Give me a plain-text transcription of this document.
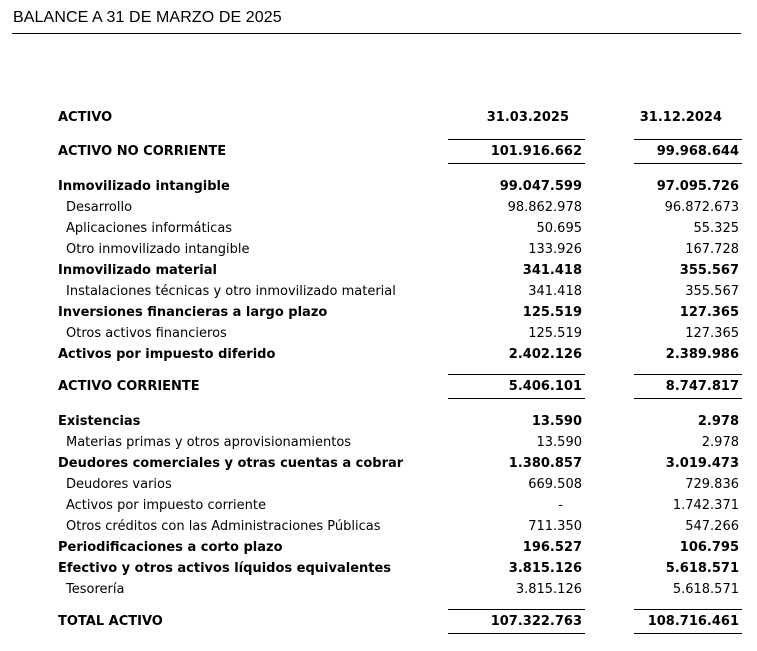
BALANCE A 31 DE MARZO DE 2025
ACTIVO	31.03.2025		31.12.2024

ACTIVO NO CORRIENTE	101.916.662		99.968.644

Inmovilizado intangible	99.047.599		97.095.726
Desarrollo	98.862.978		96.872.673
Aplicaciones informáticas	50.695		55.325
Otro inmovilizado intangible	133.926		167.728
Inmovilizado material	341.418		355.567
Instalaciones técnicas y otro inmovilizado material	341.418		355.567
Inversiones financieras a largo plazo	125.519		127.365
Otros activos financieros	125.519		127.365
Activos por impuesto diferido	2.402.126		2.389.986

ACTIVO CORRIENTE	5.406.101		8.747.817

Existencias	13.590		2.978
Materias primas y otros aprovisionamientos	13.590		2.978
Deudores comerciales y otras cuentas a cobrar	1.380.857		3.019.473
Deudores varios	669.508		729.836
Activos por impuesto corriente	-		1.742.371
Otros créditos con las Administraciones Públicas	711.350		547.266
Periodificaciones a corto plazo	196.527		106.795
Efectivo y otros activos líquidos equivalentes	3.815.126		5.618.571
Tesorería	3.815.126		5.618.571

TOTAL ACTIVO	107.322.763		108.716.461
